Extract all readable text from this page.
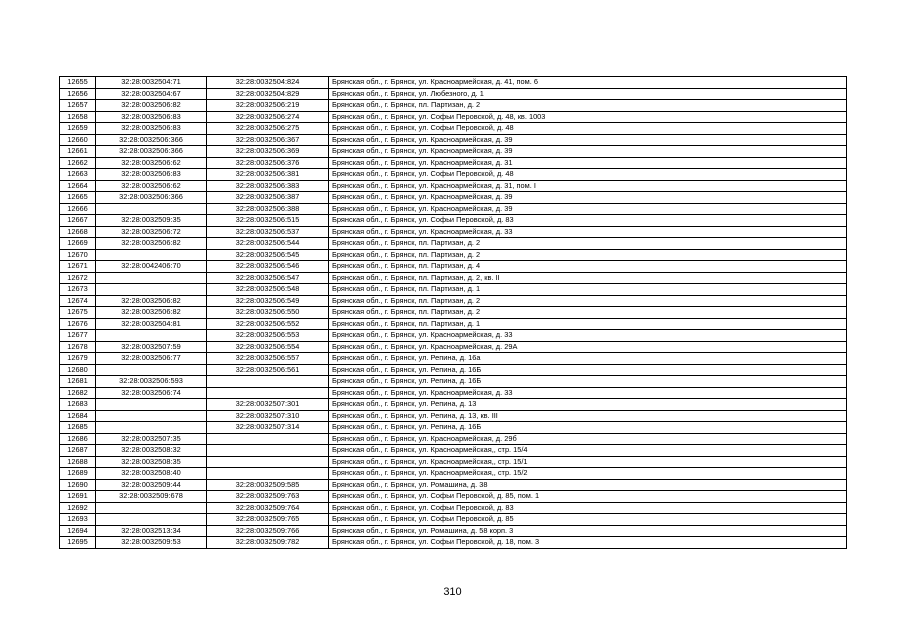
12655	32:28:0032504:71	32:28:0032504:824	Брянская обл., г. Брянск, ул. Красноармейская, д. 41, пом. 6
12656	32:28:0032504:67	32:28:0032504:829	Брянская обл., г. Брянск, ул. Любезного, д. 1
12657	32:28:0032506:82	32:28:0032506:219	Брянская обл., г. Брянск, пл. Партизан, д. 2
12658	32:28:0032506:83	32:28:0032506:274	Брянская обл., г. Брянск, ул. Софьи Перовской, д. 48, кв. 1003
12659	32:28:0032506:83	32:28:0032506:275	Брянская обл., г. Брянск, ул. Софьи Перовской, д. 48
12660	32:28:0032506:366	32:28:0032506:367	Брянская обл., г. Брянск, ул. Красноармейская, д. 39
12661	32:28:0032506:366	32:28:0032506:369	Брянская обл., г. Брянск, ул. Красноармейская, д. 39
12662	32:28:0032506:62	32:28:0032506:376	Брянская обл., г. Брянск, ул. Красноармейская, д. 31
12663	32:28:0032506:83	32:28:0032506:381	Брянская обл., г. Брянск, ул. Софьи Перовской, д. 48
12664	32:28:0032506:62	32:28:0032506:383	Брянская обл., г. Брянск, ул. Красноармейская, д. 31, пом. I
12665	32:28:0032506:366	32:28:0032506:387	Брянская обл., г. Брянск, ул. Красноармейская, д. 39
12666		32:28:0032506:388	Брянская обл., г. Брянск, ул. Красноармейская, д. 39
12667	32:28:0032509:35	32:28:0032506:515	Брянская обл., г. Брянск, ул. Софьи Перовской, д. 83
12668	32:28:0032506:72	32:28:0032506:537	Брянская обл., г. Брянск, ул. Красноармейская, д. 33
12669	32:28:0032506:82	32:28:0032506:544	Брянская обл., г. Брянск, пл. Партизан, д. 2
12670		32:28:0032506:545	Брянская обл., г. Брянск, пл. Партизан, д. 2
12671	32:28:0042406:70	32:28:0032506:546	Брянская обл., г. Брянск, пл. Партизан, д. 4
12672		32:28:0032506:547	Брянская обл., г. Брянск, пл. Партизан, д. 2, кв. II
12673		32:28:0032506:548	Брянская обл., г. Брянск, пл. Партизан, д. 1
12674	32:28:0032506:82	32:28:0032506:549	Брянская обл., г. Брянск, пл. Партизан, д. 2
12675	32:28:0032506:82	32:28:0032506:550	Брянская обл., г. Брянск, пл. Партизан, д. 2
12676	32:28:0032504:81	32:28:0032506:552	Брянская обл., г. Брянск, пл. Партизан, д. 1
12677		32:28:0032506:553	Брянская обл., г. Брянск, ул. Красноармейская, д. 33
12678	32:28:0032507:59	32:28:0032506:554	Брянская обл., г. Брянск, ул. Красноармейская, д. 29А
12679	32:28:0032506:77	32:28:0032506:557	Брянская обл., г. Брянск, ул. Репина, д. 16а
12680		32:28:0032506:561	Брянская обл., г. Брянск, ул. Репина, д. 16Б
12681	32:28:0032506:593		Брянская обл., г. Брянск, ул. Репина, д. 16Б
12682	32:28:0032506:74		Брянская обл., г. Брянск, ул. Красноармейская, д. 33
12683		32:28:0032507:301	Брянская обл., г. Брянск, ул. Репина, д. 13
12684		32:28:0032507:310	Брянская обл., г. Брянск, ул. Репина, д. 13, кв. III
12685		32:28:0032507:314	Брянская обл., г. Брянск, ул. Репина, д. 16Б
12686	32:28:0032507:35		Брянская обл., г. Брянск, ул. Красноармейская, д. 29б
12687	32:28:0032508:32		Брянская обл., г. Брянск, ул. Красноармейская,, стр. 15/4
12688	32:28:0032508:35		Брянская обл., г. Брянск, ул. Красноармейская,, стр. 15/1
12689	32:28:0032508:40		Брянская обл., г. Брянск, ул. Красноармейская,, стр. 15/2
12690	32:28:0032509:44	32:28:0032509:585	Брянская обл., г. Брянск, ул. Ромашина, д. 38
12691	32:28:0032509:678	32:28:0032509:763	Брянская обл., г. Брянск, ул. Софьи Перовской, д. 85, пом. 1
12692		32:28:0032509:764	Брянская обл., г. Брянск, ул. Софьи Перовской, д. 83
12693		32:28:0032509:765	Брянская обл., г. Брянск, ул. Софьи Перовской, д. 85
12694	32:28:0032513:34	32:28:0032509:766	Брянская обл., г. Брянск, ул. Ромашина, д. 58 корп. 3
12695	32:28:0032509:53	32:28:0032509:782	Брянская обл., г. Брянск, ул. Софьи Перовской, д. 18, пом. 3
310
